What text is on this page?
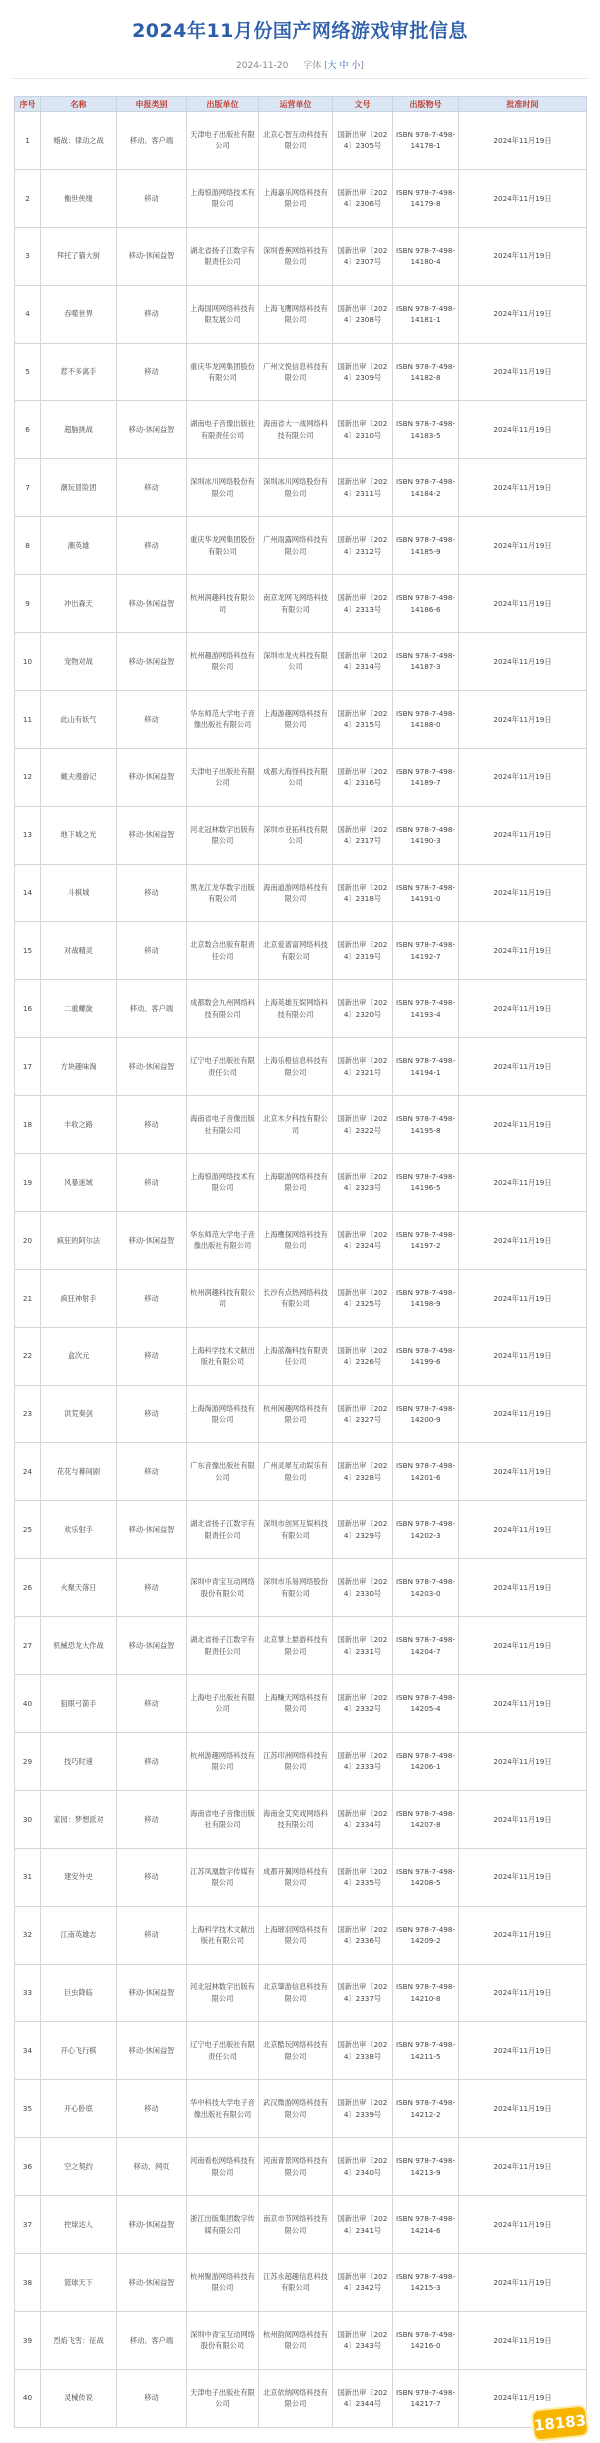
2024年11月份国产网络游戏审批信息
2024-11-20 字体 [大 中 小]
序号	名称	申报类别	出版单位	运营单位	文号	出版物号	批准时间
1	蜡战：律动之战	移动、客户端	天津电子出版社有限公司	北京心智互动科技有限公司	国新出审〔2024〕2305号	ISBN 978-7-498-14178-1	2024年11月19日
2	衡世侠缘	移动	上海惊游网络技术有限公司	上海嘉乐网络科技有限公司	国新出审〔2024〕2306号	ISBN 978-7-498-14179-8	2024年11月19日
3	拜托了猫大厨	移动-休闲益智	湖北省扬子江数字有限责任公司	深圳香蕉网络科技有限公司	国新出审〔2024〕2307号	ISBN 978-7-498-14180-4	2024年11月19日
4	吞噬世界	移动	上海国网网络科技有限发展公司	上海飞鹰网络科技有限公司	国新出审〔2024〕2308号	ISBN 978-7-498-14181-1	2024年11月19日
5	惹不多离手	移动	重庆华龙网集团股份有限公司	广州文悦信息科技有限公司	国新出审〔2024〕2309号	ISBN 978-7-498-14182-8	2024年11月19日
6	超脑挑战	移动-休闲益智	湖南电子音像出版社有限责任公司	海南省大一战网络科技有限公司	国新出审〔2024〕2310号	ISBN 978-7-498-14183-5	2024年11月19日
7	潮玩冒险团	移动	深圳冰川网络股份有限公司	深圳冰川网络股份有限公司	国新出审〔2024〕2311号	ISBN 978-7-498-14184-2	2024年11月19日
8	潮英雄	移动	重庆华龙网集团股份有限公司	广州雨露网络科技有限公司	国新出审〔2024〕2312号	ISBN 978-7-498-14185-9	2024年11月19日
9	冲出森天	移动-休闲益智	杭州润趣科技有限公司	南京龙网飞网络科技有限公司	国新出审〔2024〕2313号	ISBN 978-7-498-14186-6	2024年11月19日
10	宠物对战	移动-休闲益智	杭州趣游网络科技有限公司	深圳市龙火科技有限公司	国新出审〔2024〕2314号	ISBN 978-7-498-14187-3	2024年11月19日
11	此山有妖气	移动	华东师范大学电子音像出版社有限公司	上海游趣网络科技有限公司	国新出审〔2024〕2315号	ISBN 978-7-498-14188-0	2024年11月19日
12	戴夫漫游记	移动-休闲益智	天津电子出版社有限公司	成都大海怪科技有限公司	国新出审〔2024〕2316号	ISBN 978-7-498-14189-7	2024年11月19日
13	地下城之光	移动-休闲益智	河北冠林数字出版有限公司	深圳市亚拓科技有限公司	国新出审〔2024〕2317号	ISBN 978-7-498-14190-3	2024年11月19日
14	斗棋城	移动	黑龙江龙华数字出版有限公司	海南道游网络科技有限公司	国新出审〔2024〕2318号	ISBN 978-7-498-14191-0	2024年11月19日
15	对战精灵	移动	北京数合出版有限责任公司	北京爱谱富网络科技有限公司	国新出审〔2024〕2319号	ISBN 978-7-498-14192-7	2024年11月19日
16	二重螺旋	移动、客户端	成都数会九州网络科技有限公司	上海英雄互娱网络科技有限公司	国新出审〔2024〕2320号	ISBN 978-7-498-14193-4	2024年11月19日
17	方块趣味淘	移动-休闲益智	辽宁电子出版社有限责任公司	上海乐橙信息科技有限公司	国新出审〔2024〕2321号	ISBN 978-7-498-14194-1	2024年11月19日
18	丰收之路	移动	海南省电子音像出版社有限公司	北京木夕科技有限公司	国新出审〔2024〕2322号	ISBN 978-7-498-14195-8	2024年11月19日
19	风暴迷域	移动	上海惊游网络技术有限公司	上海聪游网络科技有限公司	国新出审〔2024〕2323号	ISBN 978-7-498-14196-5	2024年11月19日
20	疯狂的阿尔法	移动-休闲益智	华东师范大学电子音像出版社有限公司	上海鹰探网络科技有限公司	国新出审〔2024〕2324号	ISBN 978-7-498-14197-2	2024年11月19日
21	疯狂神射手	移动	杭州润趣科技有限公司	长沙有点热网络科技有限公司	国新出审〔2024〕2325号	ISBN 978-7-498-14198-9	2024年11月19日
22	盒次元	移动	上海科学技术文献出版社有限公司	上海蓝瀚科技有限责任公司	国新出审〔2024〕2326号	ISBN 978-7-498-14199-6	2024年11月19日
23	洪荒奏剑	移动	上海淘游网络科技有限公司	杭州闲趣网络科技有限公司	国新出审〔2024〕2327号	ISBN 978-7-498-14200-9	2024年11月19日
24	花花与幕间剧	移动	广东音像出版社有限公司	广州灵犀互动娱乐有限公司	国新出审〔2024〕2328号	ISBN 978-7-498-14201-6	2024年11月19日
25	欢乐射手	移动-休闲益智	湖北省扬子江数字有限责任公司	深圳市创冥互娱科技有限公司	国新出审〔2024〕2329号	ISBN 978-7-498-14202-3	2024年11月19日
26	火聚天落日	移动	深圳中青宝互动网络股份有限公司	深圳市乐易网络股份有限公司	国新出审〔2024〕2330号	ISBN 978-7-498-14203-0	2024年11月19日
27	机械恐龙大作战	移动-休闲益智	湖北省扬子江数字有限责任公司	北京掌上悬游科技有限公司	国新出审〔2024〕2331号	ISBN 978-7-498-14204-7	2024年11月19日
40	狙眼弓箭手	移动	上海电子出版社有限公司	上海赚天网络科技有限公司	国新出审〔2024〕2332号	ISBN 978-7-498-14205-4	2024年11月19日
29	技巧时速	移动	杭州游趣网络科技有限公司	江苏印洲网络科技有限公司	国新出审〔2024〕2333号	ISBN 978-7-498-14206-1	2024年11月19日
30	家园：梦想派对	移动	海南省电子音像出版社有限公司	海南金艾奕戏网络科技有限公司	国新出审〔2024〕2334号	ISBN 978-7-498-14207-8	2024年11月19日
31	建安外史	移动	江苏凤凰数字传媒有限公司	成都开翼网络科技有限公司	国新出审〔2024〕2335号	ISBN 978-7-498-14208-5	2024年11月19日
32	江南英雄志	移动	上海科学技术文献出版社有限公司	上海璀羽网络科技有限公司	国新出审〔2024〕2336号	ISBN 978-7-498-14209-2	2024年11月19日
33	巨虫降临	移动-休闲益智	河北冠林数字出版有限公司	北京肇游信息科技有限公司	国新出审〔2024〕2337号	ISBN 978-7-498-14210-8	2024年11月19日
34	开心飞行棋	移动-休闲益智	辽宁电子出版社有限责任公司	北京酷玩网络科技有限公司	国新出审〔2024〕2338号	ISBN 978-7-498-14211-5	2024年11月19日
35	开心卧底	移动	华中科技大学电子音像出版社有限公司	武汉微游网络科技有限公司	国新出审〔2024〕2339号	ISBN 978-7-498-14212-2	2024年11月19日
36	空之契约	移动、网页	河南看松网络科技有限公司	河南青景网络科技有限公司	国新出审〔2024〕2340号	ISBN 978-7-498-14213-9	2024年11月19日
37	控球达人	移动-休闲益智	浙江出版集团数字传媒有限公司	南京市节网络科技有限公司	国新出审〔2024〕2341号	ISBN 978-7-498-14214-6	2024年11月19日
38	篮球天下	移动-休闲益智	杭州聚游网络科技有限公司	江苏永超趣信息科技有限公司	国新出审〔2024〕2342号	ISBN 978-7-498-14215-3	2024年11月19日
39	烈焰飞雪：征战	移动、客户端	深圳中青宝互动网络股份有限公司	杭州韵阅网络科技有限公司	国新出审〔2024〕2343号	ISBN 978-7-498-14216-0	2024年11月19日
40	灵械传说	移动	天津电子出版社有限公司	北京依纳网络科技有限公司	国新出审〔2024〕2344号	ISBN 978-7-498-14217-7	2024年11月19日
18183
